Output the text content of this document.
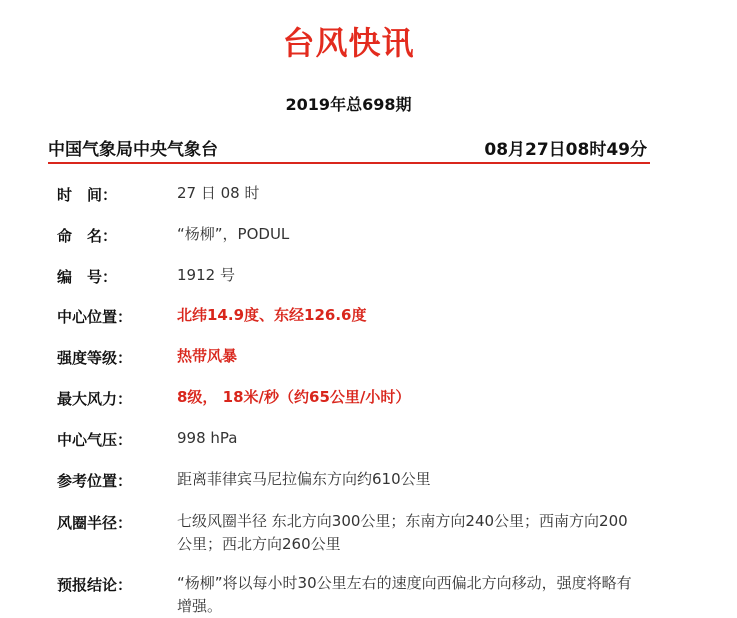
台风快讯
2019年总698期
中国气象局中央气象台	08月27日08时49分
时　间：	27 日 08 时
命　名：	“杨柳”，PODUL
编　号：	1912 号
中心位置：	北纬14.9度、东经126.6度
强度等级：	热带风暴
最大风力：	8级， 18米/秒（约65公里/小时）
中心气压：	998 hPa
参考位置：	距离菲律宾马尼拉偏东方向约610公里
风圈半径：	七级风圈半径 东北方向300公里；东南方向240公里；西南方向200公里；西北方向260公里
预报结论：	“杨柳”将以每小时30公里左右的速度向西偏北方向移动，强度将略有增强。
